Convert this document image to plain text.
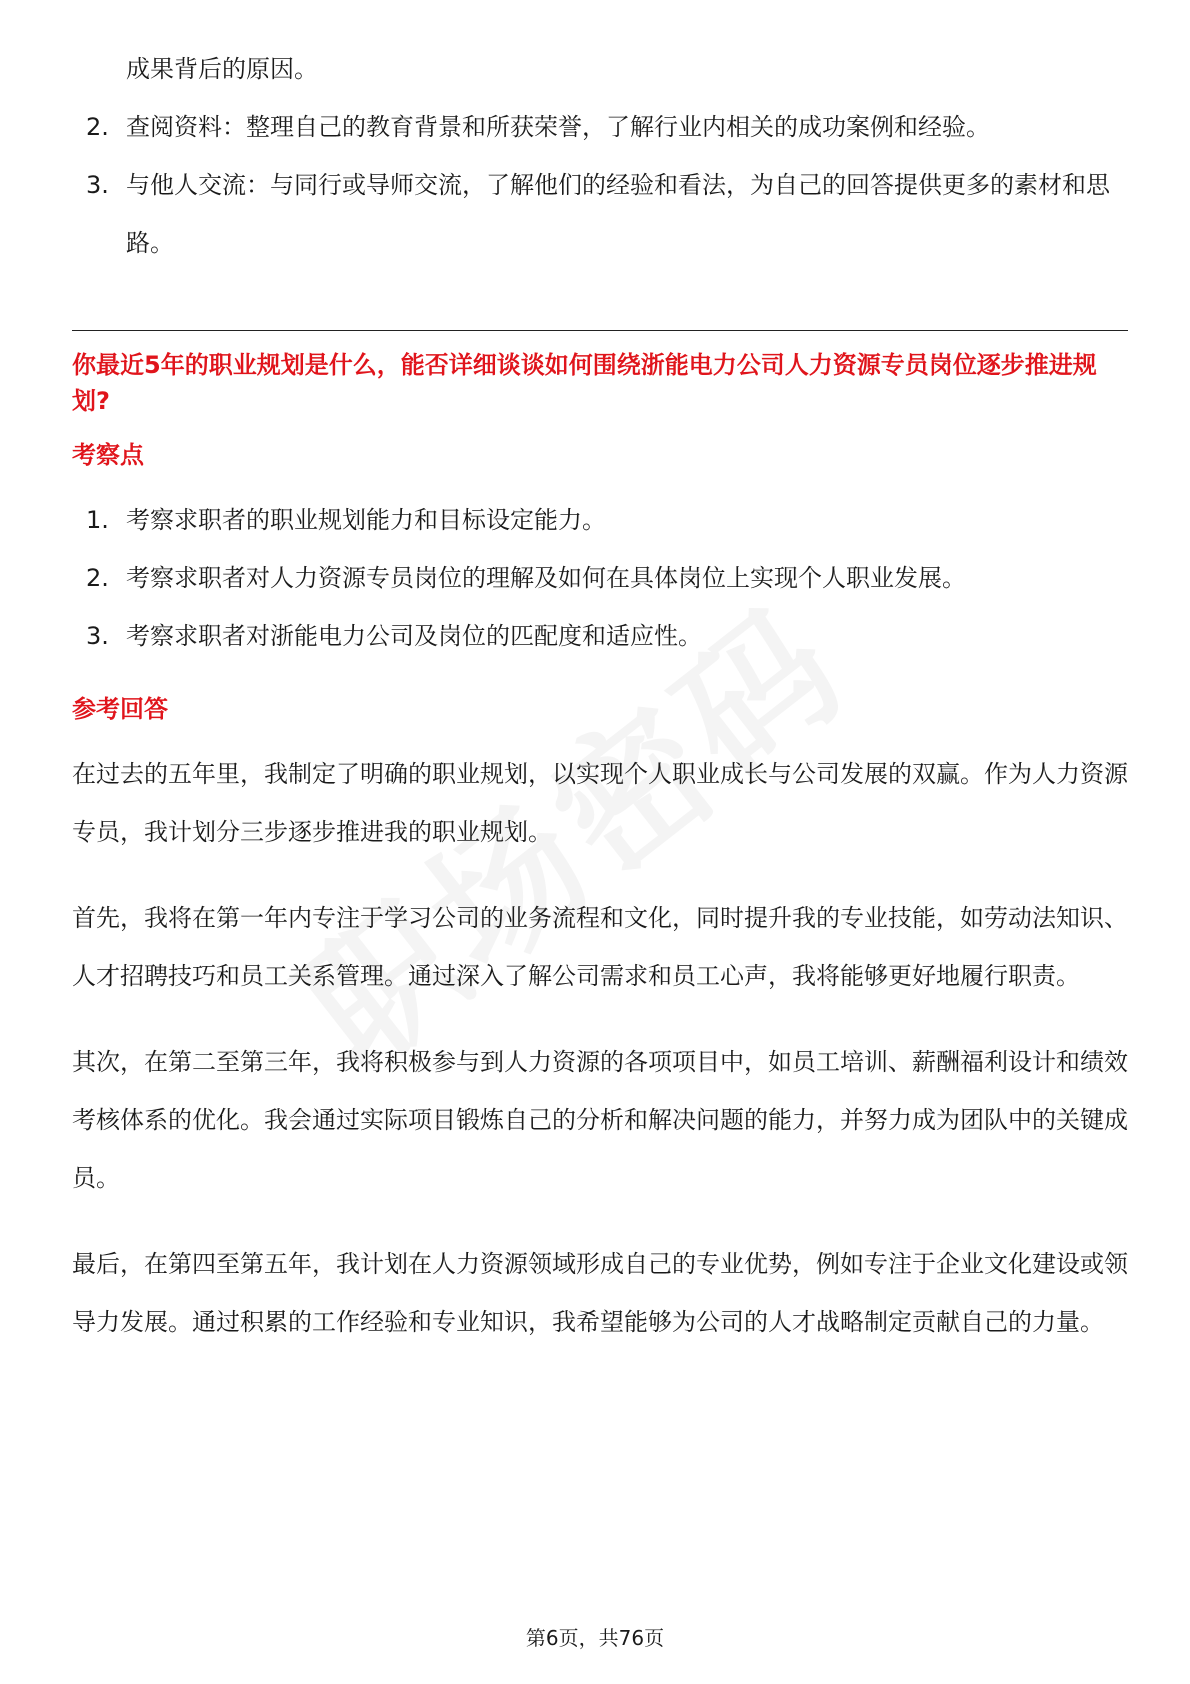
成果背后的原因。
2. 查阅资料：整理自己的教育背景和所获荣誉，了解行业内相关的成功案例和经验。
3. 与他人交流：与同行或导师交流，了解他们的经验和看法，为自己的回答提供更多的素材和思路。
你最近5年的职业规划是什么，能否详细谈谈如何围绕浙能电力公司人力资源专员岗位逐步推进规划?
考察点
1. 考察求职者的职业规划能力和目标设定能力。
2. 考察求职者对人力资源专员岗位的理解及如何在具体岗位上实现个人职业发展。
3. 考察求职者对浙能电力公司及岗位的匹配度和适应性。
参考回答
在过去的五年里，我制定了明确的职业规划，以实现个人职业成长与公司发展的双赢。作为人力资源专员，我计划分三步逐步推进我的职业规划。
首先，我将在第一年内专注于学习公司的业务流程和文化，同时提升我的专业技能，如劳动法知识、人才招聘技巧和员工关系管理。通过深入了解公司需求和员工心声，我将能够更好地履行职责。
其次，在第二至第三年，我将积极参与到人力资源的各项项目中，如员工培训、薪酬福利设计和绩效考核体系的优化。我会通过实际项目锻炼自己的分析和解决问题的能力，并努力成为团队中的关键成员。
最后，在第四至第五年，我计划在人力资源领域形成自己的专业优势，例如专注于企业文化建设或领导力发展。通过积累的工作经验和专业知识，我希望能够为公司的人才战略制定贡献自己的力量。
第6页，共76页
